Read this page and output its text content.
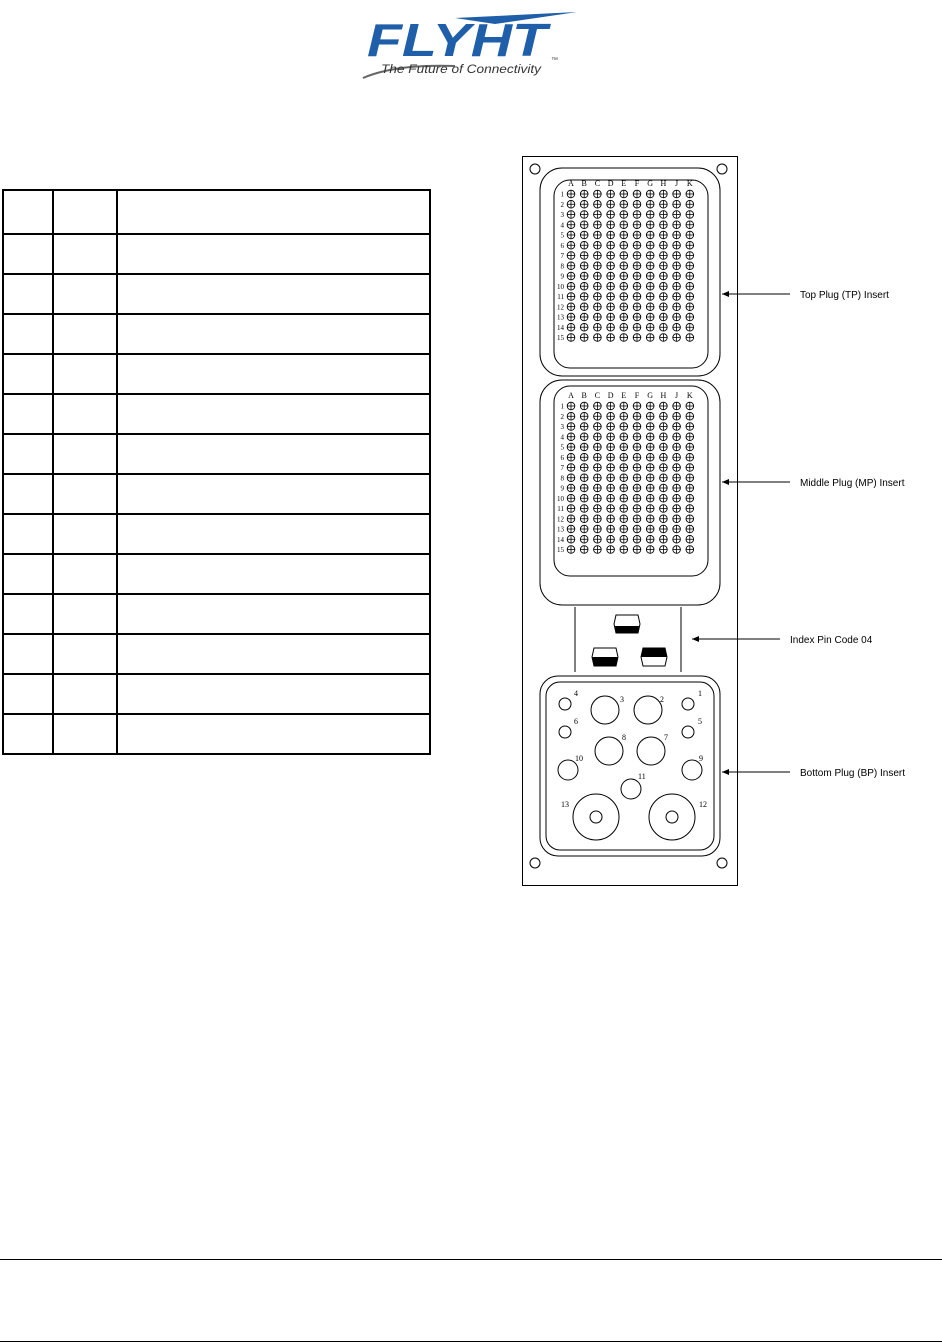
FLYHT ™
The Future of Connectivity

A B C D E F G H J K
1
2
3
4
5
6
7
8
9
10
11
12
13
14
15
A B C D E F G H J K
1
2
3
4
5
6
7
8
9
10
11
12
13
14
15
1
2
3
4
5
6
7
8
9
10
11
12
13
Top Plug (TP) Insert
Middle Plug (MP) Insert
Index Pin Code 04
Bottom Plug (BP) Insert
